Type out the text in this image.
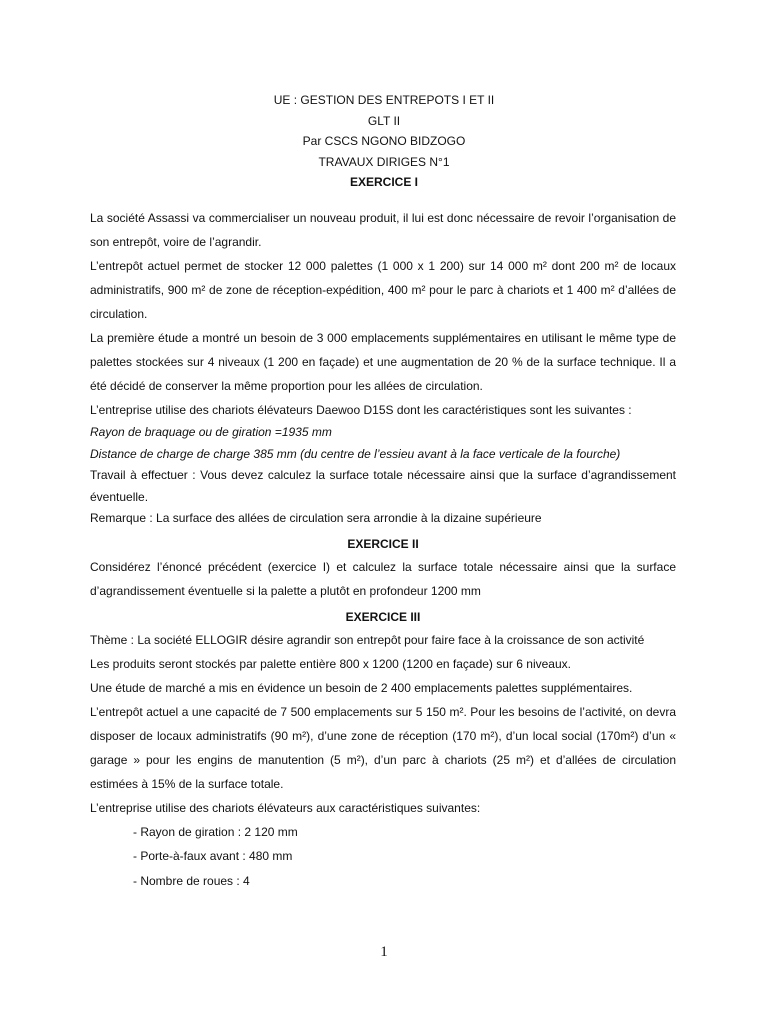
UE : GESTION DES ENTREPOTS I ET II
GLT II
Par CSCS NGONO BIDZOGO
TRAVAUX DIRIGES N°1
EXERCICE I

La société Assassi va commercialiser un nouveau produit, il lui est donc nécessaire de revoir l’organisation de son entrepôt, voire de l’agrandir.

L’entrepôt actuel permet de stocker 12 000 palettes (1 000 x 1 200) sur 14 000 m² dont 200 m² de locaux administratifs, 900 m² de zone de réception-expédition, 400 m² pour le parc à chariots et 1 400 m² d’allées de circulation.

La première étude a montré un besoin de 3 000 emplacements supplémentaires en utilisant le même type de palettes stockées sur 4 niveaux (1 200 en façade) et une augmentation de 20 % de la surface technique. Il a été décidé de conserver la même proportion pour les allées de circulation.

L’entreprise utilise des chariots élévateurs Daewoo D15S dont les caractéristiques sont les suivantes :

Rayon de braquage ou de giration =1935 mm

Distance de charge de charge 385 mm (du centre de l’essieu avant à la face verticale de la fourche)

Travail à effectuer : Vous devez calculez la surface totale nécessaire ainsi que la surface d’agrandissement éventuelle.

Remarque : La surface des allées de circulation sera arrondie à la dizaine supérieure

EXERCICE II

Considérez l’énoncé précédent (exercice I) et calculez la surface totale nécessaire ainsi que la surface d’agrandissement éventuelle si la palette a plutôt en profondeur 1200 mm

EXERCICE III

Thème : La société ELLOGIR désire agrandir son entrepôt pour faire face à la croissance de son activité

Les produits seront stockés par palette entière 800 x 1200 (1200 en façade) sur 6 niveaux.

Une étude de marché a mis en évidence un besoin de 2 400 emplacements palettes supplémentaires.

L’entrepôt actuel a une capacité de 7 500 emplacements sur 5 150 m². Pour les besoins de l’activité, on devra disposer de locaux administratifs (90 m²), d’une zone de réception (170 m²), d’un local social (170m²) d’un « garage » pour les engins de manutention (5 m²), d’un parc à chariots (25 m²) et d’allées de circulation estimées à 15% de la surface totale.

L’entreprise utilise des chariots élévateurs aux caractéristiques suivantes:

- Rayon de giration : 2 120 mm

- Porte-à-faux avant : 480 mm

- Nombre de roues : 4

1
